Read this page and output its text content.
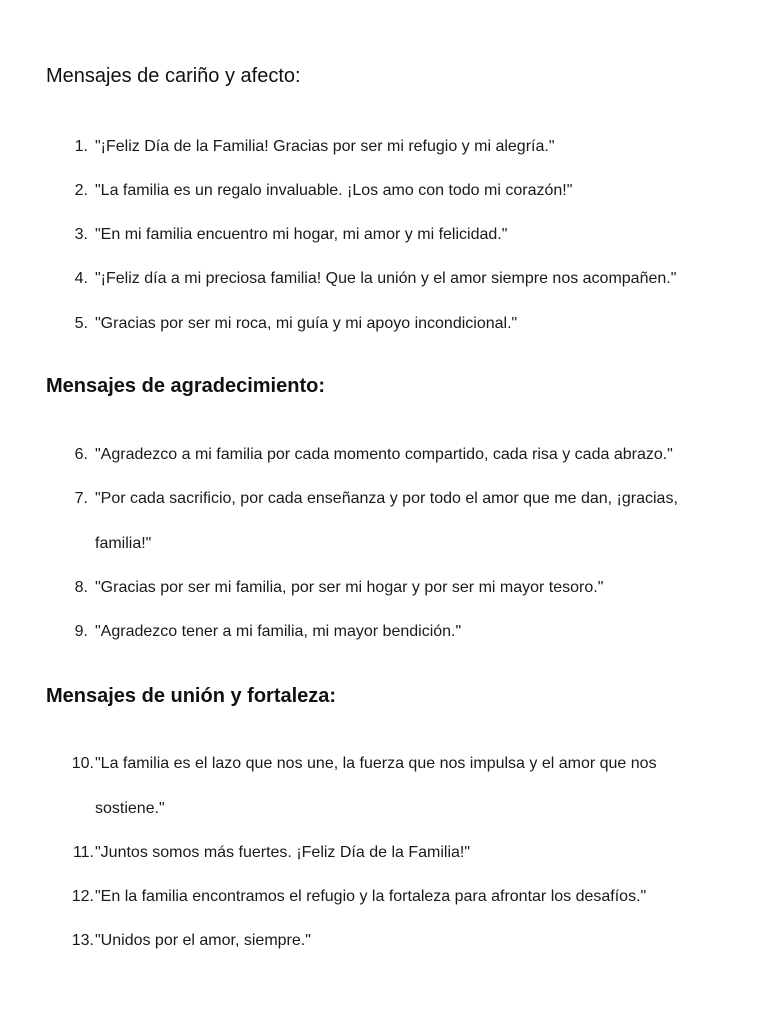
Mensajes de cariño y afecto:
1. "¡Feliz Día de la Familia! Gracias por ser mi refugio y mi alegría."
2. "La familia es un regalo invaluable. ¡Los amo con todo mi corazón!"
3. "En mi familia encuentro mi hogar, mi amor y mi felicidad."
4. "¡Feliz día a mi preciosa familia! Que la unión y el amor siempre nos acompañen."
5. "Gracias por ser mi roca, mi guía y mi apoyo incondicional."
Mensajes de agradecimiento:
6. "Agradezco a mi familia por cada momento compartido, cada risa y cada abrazo."
7. "Por cada sacrificio, por cada enseñanza y por todo el amor que me dan, ¡gracias,
familia!"
8. "Gracias por ser mi familia, por ser mi hogar y por ser mi mayor tesoro."
9. "Agradezco tener a mi familia, mi mayor bendición."
Mensajes de unión y fortaleza:
10. "La familia es el lazo que nos une, la fuerza que nos impulsa y el amor que nos
sostiene."
11. "Juntos somos más fuertes. ¡Feliz Día de la Familia!"
12. "En la familia encontramos el refugio y la fortaleza para afrontar los desafíos."
13. "Unidos por el amor, siempre."
